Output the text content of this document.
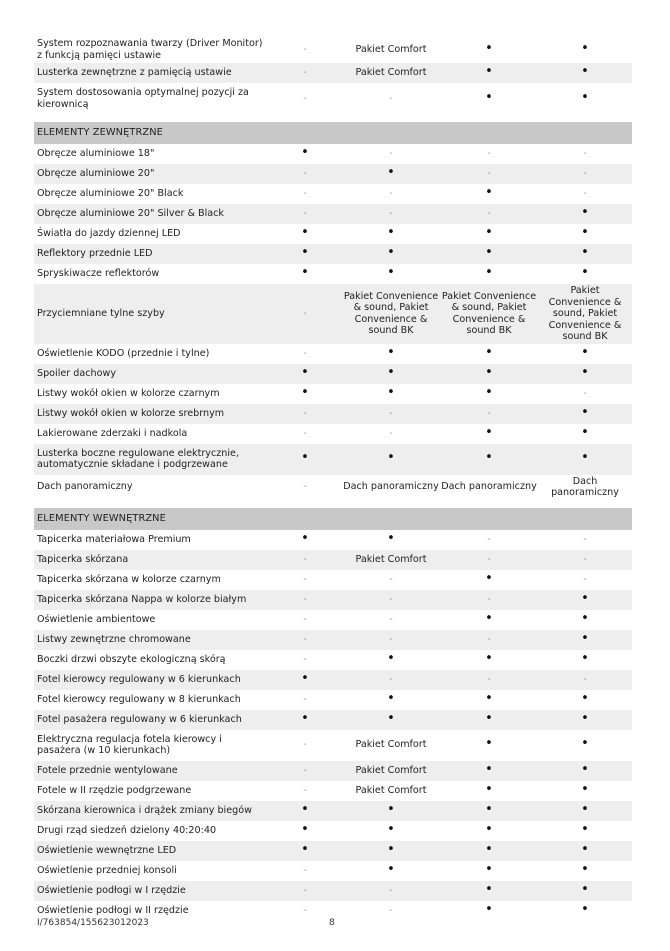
System rozpoznawania twarzy (Driver Monitor) z funkcją pamięci ustawie	-	Pakiet Comfort	•	•
Lusterka zewnętrzne z pamięcią ustawie	-	Pakiet Comfort	•	•
System dostosowania optymalnej pozycji za kierownicą	-	-	•	•

ELEMENTY ZEWNĘTRZNE				
Obręcze aluminiowe 18"	•	-	-	-
Obręcze aluminiowe 20"	-	•	-	-
Obręcze aluminiowe 20" Black	-	-	•	-
Obręcze aluminiowe 20" Silver & Black	-	-	-	•
Światła do jazdy dziennej LED	•	•	•	•
Reflektory przednie LED	•	•	•	•
Spryskiwacze reflektorów	•	•	•	•
Przyciemniane tylne szyby	-	Pakiet Convenience & sound, Pakiet Convenience & sound BK	Pakiet Convenience & sound, Pakiet Convenience & sound BK	Pakiet Convenience & sound, Pakiet Convenience & sound BK
Oświetlenie KODO (przednie i tylne)	-	•	•	•
Spoiler dachowy	•	•	•	•
Listwy wokół okien w kolorze czarnym	•	•	•	-
Listwy wokół okien w kolorze srebrnym	-	-	-	•
Lakierowane zderzaki i nadkola	-	-	•	•
Lusterka boczne regulowane elektrycznie, automatycznie składane i podgrzewane	•	•	•	•
Dach panoramiczny	-	Dach panoramiczny	Dach panoramiczny	Dach panoramiczny

ELEMENTY WEWNĘTRZNE				
Tapicerka materiałowa Premium	•	•	-	-
Tapicerka skórzana	-	Pakiet Comfort	-	-
Tapicerka skórzana w kolorze czarnym	-	-	•	-
Tapicerka skórzana Nappa w kolorze białym	-	-	-	•
Oświetlenie ambientowe	-	-	•	•
Listwy zewnętrzne chromowane	-	-	-	•
Boczki drzwi obszyte ekologiczną skórą	-	•	•	•
Fotel kierowcy regulowany w 6 kierunkach	•	-	-	-
Fotel kierowcy regulowany w 8 kierunkach	-	•	•	•
Fotel pasażera regulowany w 6 kierunkach	•	•	•	•
Elektryczna regulacja fotela kierowcy i pasażera (w 10 kierunkach)	-	Pakiet Comfort	•	•
Fotele przednie wentylowane	-	Pakiet Comfort	•	•
Fotele w II rzędzie podgrzewane	-	Pakiet Comfort	•	•
Skórzana kierownica i drążek zmiany biegów	•	•	•	•
Drugi rząd siedzeń dzielony 40:20:40	•	•	•	•
Oświetlenie wewnętrzne LED	•	•	•	•
Oświetlenie przedniej konsoli	-	•	•	•
Oświetlenie podłogi w I rzędzie	-	-	•	•
Oświetlenie podłogi w II rzędzie	-	-	•	•
I/763854/155623012023	8
